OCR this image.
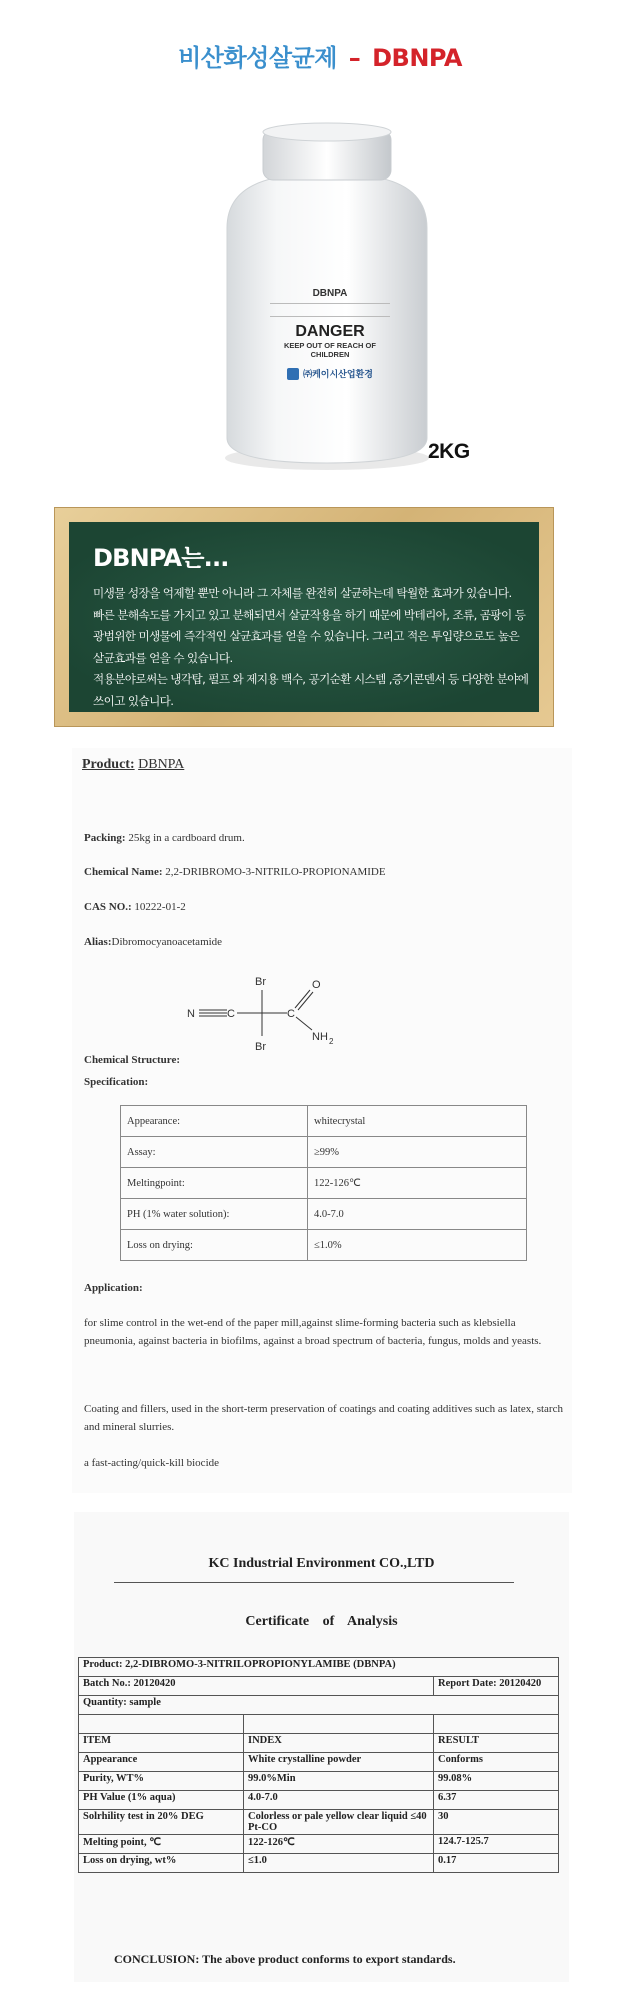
비산화성살균제 – DBNPA
DBNPA
DANGER
KEEP OUT OF REACH OF CHILDREN
㈜케이시산업환경
2KG
DBNPA는...

미생물 성장을 억제할 뿐만 아니라 그 자체를 완전히 살균하는데 탁월한 효과가 있습니다.

빠른 분해속도를 가지고 있고 분해되면서 살균작용을 하기 때문에 박테리아, 조류, 곰팡이 등

광범위한 미생물에 즉각적인 살균효과를 얻을 수 있습니다. 그리고 적은 투입량으로도 높은

살균효과를 얻을 수 있습니다.

적용분야로써는 냉각탑, 펄프 와 제지용 백수, 공기순환 시스템 ,증기콘덴서 등 다양한 분야에

쓰이고 있습니다.

Product: DBNPA
Packing: 25kg in a cardboard drum.
Chemical Name: 2,2-DRIBROMO-3-NITRILO-PROPIONAMIDE
CAS NO.: 10222-01-2
Alias:Dibromocyanoacetamide
N	C
Br
Br
C
O
NH 2
Chemical Structure:
Specification:
Appearance:	whitecrystal
Assay:	≥99%
Meltingpoint:	122-126℃
PH (1% water solution):	4.0-7.0
Loss on drying:	≤1.0%
Application:
for slime control in the wet-end of the paper mill,against slime-forming bacteria such as klebsiella pneumonia, against bacteria in biofilms, against a broad spectrum of bacteria, fungus, molds and yeasts.
Coating and fillers, used in the short-term preservation of coatings and coating additives such as latex, starch and mineral slurries.
a fast-acting/quick-kill biocide
KC Industrial Environment CO.,LTD
Certificate of Analysis
Product: 2,2-DIBROMO-3-NITRILOPROPIONYLAMIBE (DBNPA)		
Batch No.: 20120420		Report Date: 20120420
Quantity: sample		

ITEM	INDEX	RESULT
Appearance	White crystalline powder	Conforms
Purity, WT%	99.0%Min	99.08%
PH Value (1% aqua)	4.0-7.0	6.37
Solrhility test in 20% DEG	Colorless or pale yellow clear liquid ≤40 Pt-CO	30
Melting point, ℃	122-126℃	124.7-125.7
Loss on drying, wt%	≤1.0	0.17
CONCLUSION: The above product conforms to export standards.
